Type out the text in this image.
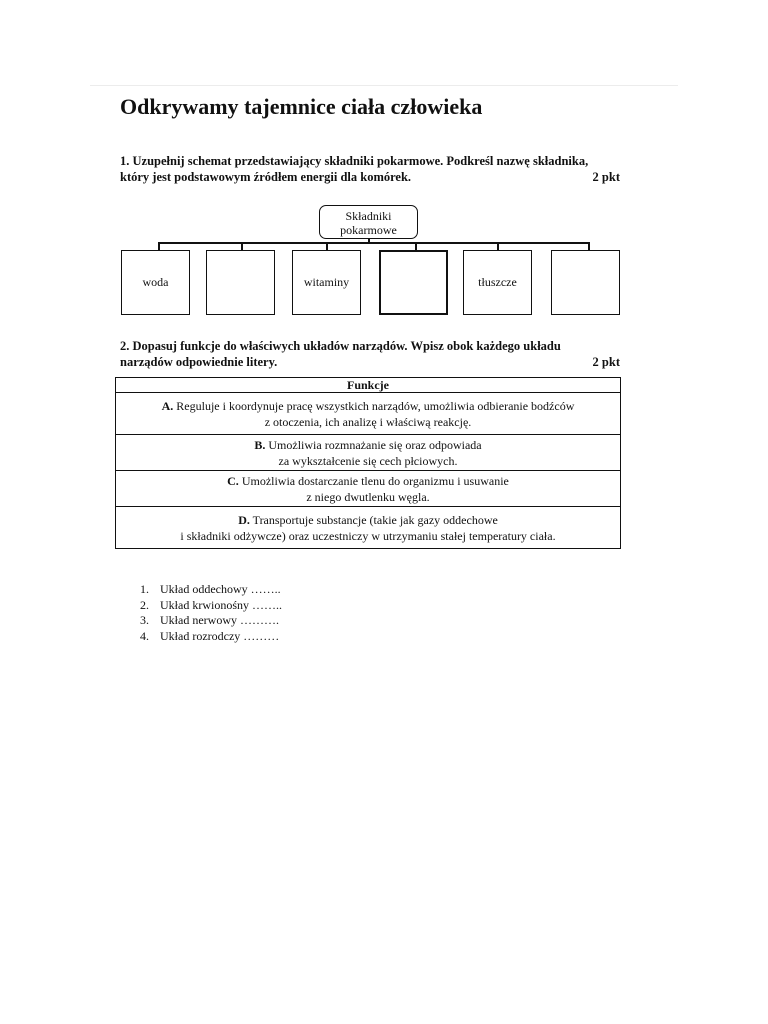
Odkrywamy tajemnice ciała człowieka
1. Uzupełnij schemat przedstawiający składniki pokarmowe. Podkreśl nazwę składnika,
który jest podstawowym źródłem energii dla komórek.	2 pkt
Składniki
pokarmowe
woda	witaminy	tłuszcze
2. Dopasuj funkcje do właściwych układów narządów. Wpisz obok każdego układu
narządów odpowiednie litery.	2 pkt
Funkcje

A. Reguluje i koordynuje pracę wszystkich narządów, umożliwia odbieranie bodźców
z otoczenia, ich analizę i właściwą reakcję.

B. Umożliwia rozmnażanie się oraz odpowiada
za wykształcenie się cech płciowych.

C. Umożliwia dostarczanie tlenu do organizmu i usuwanie
z niego dwutlenku węgla.

D. Transportuje substancje (takie jak gazy oddechowe
i składniki odżywcze) oraz uczestniczy w utrzymaniu stałej temperatury ciała.
1. Układ oddechowy ……..
2. Układ krwionośny ……..
3. Układ nerwowy ……….
4. Układ rozrodczy ………
